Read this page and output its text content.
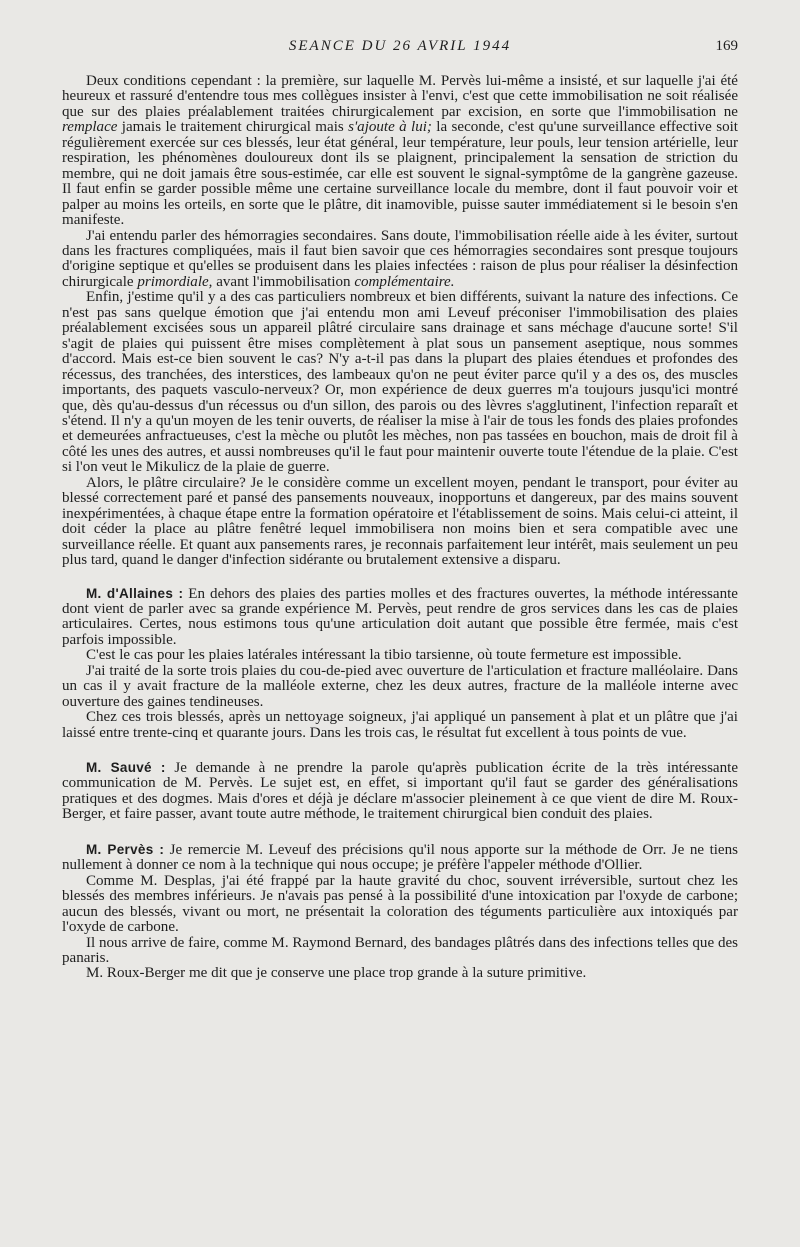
SEANCE DU 26 AVRIL 1944	169

Deux conditions cependant : la première, sur laquelle M. Pervès lui-même a insisté, et sur laquelle j'ai été heureux et rassuré d'entendre tous mes collègues insister à l'envi, c'est que cette immobilisation ne soit réalisée que sur des plaies préalablement traitées chirurgicalement par excision, en sorte que l'immobilisation ne remplace jamais le traitement chirurgical mais s'ajoute à lui; la seconde, c'est qu'une surveillance effective soit régulièrement exercée sur ces blessés, leur état général, leur température, leur pouls, leur tension artérielle, leur respiration, les phénomènes douloureux dont ils se plaignent, principalement la sensation de striction du membre, qui ne doit jamais être sous-estimée, car elle est souvent le signal-symptôme de la gangrène gazeuse. Il faut enfin se garder possible même une certaine surveillance locale du membre, dont il faut pouvoir voir et palper au moins les orteils, en sorte que le plâtre, dit inamovible, puisse sauter immédiatement si le besoin s'en manifeste.

J'ai entendu parler des hémorragies secondaires. Sans doute, l'immobilisation réelle aide à les éviter, surtout dans les fractures compliquées, mais il faut bien savoir que ces hémorragies secondaires sont presque toujours d'origine septique et qu'elles se produisent dans les plaies infectées : raison de plus pour réaliser la désinfection chirurgicale primordiale, avant l'immobilisation complémentaire.

Enfin, j'estime qu'il y a des cas particuliers nombreux et bien différents, suivant la nature des infections. Ce n'est pas sans quelque émotion que j'ai entendu mon ami Leveuf préconiser l'immobilisation des plaies préalablement excisées sous un appareil plâtré circulaire sans drainage et sans méchage d'aucune sorte! S'il s'agit de plaies qui puissent être mises complètement à plat sous un pansement aseptique, nous sommes d'accord. Mais est-ce bien souvent le cas? N'y a-t-il pas dans la plupart des plaies étendues et profondes des récessus, des tranchées, des interstices, des lambeaux qu'on ne peut éviter parce qu'il y a des os, des muscles importants, des paquets vasculo-nerveux? Or, mon expérience de deux guerres m'a toujours jusqu'ici montré que, dès qu'au-dessus d'un récessus ou d'un sillon, des parois ou des lèvres s'agglutinent, l'infection reparaît et s'étend. Il n'y a qu'un moyen de les tenir ouverts, de réaliser la mise à l'air de tous les fonds des plaies profondes et demeurées anfractueuses, c'est la mèche ou plutôt les mèches, non pas tassées en bouchon, mais de droit fil à côté les unes des autres, et aussi nombreuses qu'il le faut pour maintenir ouverte toute l'étendue de la plaie. C'est si l'on veut le Mikulicz de la plaie de guerre.

Alors, le plâtre circulaire? Je le considère comme un excellent moyen, pendant le transport, pour éviter au blessé correctement paré et pansé des pansements nouveaux, inopportuns et dangereux, par des mains souvent inexpérimentées, à chaque étape entre la formation opératoire et l'établissement de soins. Mais celui-ci atteint, il doit céder la place au plâtre fenêtré lequel immobilisera non moins bien et sera compatible avec une surveillance réelle. Et quant aux pansements rares, je reconnais parfaitement leur intérêt, mais seulement un peu plus tard, quand le danger d'infection sidérante ou brutalement extensive a disparu.

M. d'Allaines : En dehors des plaies des parties molles et des fractures ouvertes, la méthode intéressante dont vient de parler avec sa grande expérience M. Pervès, peut rendre de gros services dans les cas de plaies articulaires. Certes, nous estimons tous qu'une articulation doit autant que possible être fermée, mais c'est parfois impossible.

C'est le cas pour les plaies latérales intéressant la tibio tarsienne, où toute fermeture est impossible.

J'ai traité de la sorte trois plaies du cou-de-pied avec ouverture de l'articulation et fracture malléolaire. Dans un cas il y avait fracture de la malléole externe, chez les deux autres, fracture de la malléole interne avec ouverture des gaines tendineuses.

Chez ces trois blessés, après un nettoyage soigneux, j'ai appliqué un pansement à plat et un plâtre que j'ai laissé entre trente-cinq et quarante jours. Dans les trois cas, le résultat fut excellent à tous points de vue.

M. Sauvé : Je demande à ne prendre la parole qu'après publication écrite de la très intéressante communication de M. Pervès. Le sujet est, en effet, si important qu'il faut se garder des généralisations pratiques et des dogmes. Mais d'ores et déjà je déclare m'associer pleinement à ce que vient de dire M. Roux-Berger, et faire passer, avant toute autre méthode, le traitement chirurgical bien conduit des plaies.

M. Pervès : Je remercie M. Leveuf des précisions qu'il nous apporte sur la méthode de Orr. Je ne tiens nullement à donner ce nom à la technique qui nous occupe; je préfère l'appeler méthode d'Ollier.

Comme M. Desplas, j'ai été frappé par la haute gravité du choc, souvent irréversible, surtout chez les blessés des membres inférieurs. Je n'avais pas pensé à la possibilité d'une intoxication par l'oxyde de carbone; aucun des blessés, vivant ou mort, ne présentait la coloration des téguments particulière aux intoxiqués par l'oxyde de carbone.

Il nous arrive de faire, comme M. Raymond Bernard, des bandages plâtrés dans des infections telles que des panaris.

M. Roux-Berger me dit que je conserve une place trop grande à la suture primitive.
